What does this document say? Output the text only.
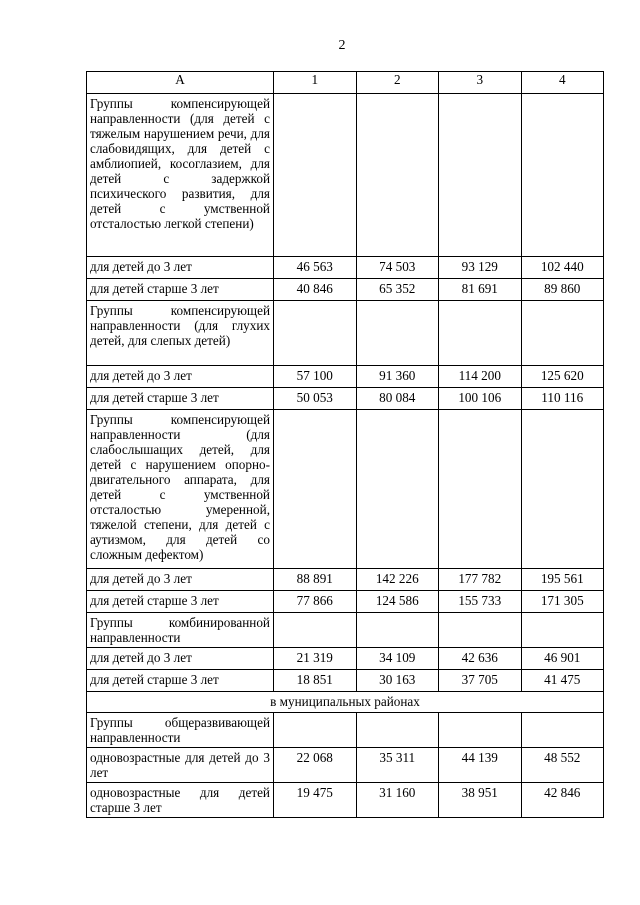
2
А	1	2	3	4
Группы компенсирующей направленности (для детей с тяжелым нарушением речи, для слабовидящих, для детей с амблиопией, косоглазием, для детей с задержкой психического развития, для детей с умственной отсталостью легкой степени)				
для детей до 3 лет	46 563	74 503	93 129	102 440
для детей старше 3 лет	40 846	65 352	81 691	89 860
Группы компенсирующей направленности (для глухих детей, для слепых детей)				
для детей до 3 лет	57 100	91 360	114 200	125 620
для детей старше 3 лет	50 053	80 084	100 106	110 116
Группы компенсирующей направленности (для слабослышащих детей, для детей с нарушением опорно-двигательного аппарата, для детей с умственной отсталостью умеренной, тяжелой степени, для детей с аутизмом, для детей со сложным дефектом)				
для детей до 3 лет	88 891	142 226	177 782	195 561
для детей старше 3 лет	77 866	124 586	155 733	171 305
Группы комбинированной направленности				
для детей до 3 лет	21 319	34 109	42 636	46 901
для детей старше 3 лет	18 851	30 163	37 705	41 475
в муниципальных районах				
Группы общеразвивающей направленности				
одновозрастные для детей до 3 лет	22 068	35 311	44 139	48 552
одновозрастные для детей старше 3 лет	19 475	31 160	38 951	42 846
